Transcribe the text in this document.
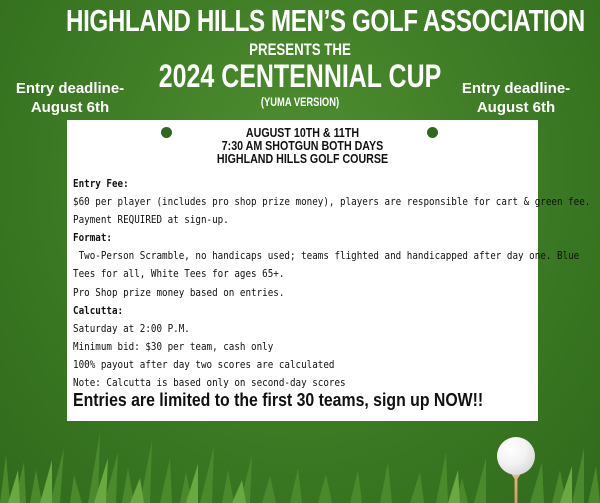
HIGHLAND HILLS MEN’S GOLF ASSOCIATION
PRESENTS THE
2024 CENTENNIAL CUP
(YUMA VERSION)
Entry deadline-
August 6th
Entry deadline-
August 6th
AUGUST 10TH & 11TH
7:30 AM SHOTGUN BOTH DAYS
HIGHLAND HILLS GOLF COURSE
Entry Fee:
$60 per player (includes pro shop prize money), players are responsible for cart & green fee.
Payment REQUIRED at sign-up.
Format:
Two-Person Scramble, no handicaps used; teams flighted and handicapped after day one. Blue
Tees for all, White Tees for ages 65+.
Pro Shop prize money based on entries.
Calcutta:
Saturday at 2:00 P.M.
Minimum bid: $30 per team, cash only
100% payout after day two scores are calculated
Note: Calcutta is based only on second-day scores
Entries are limited to the first 30 teams, sign up NOW!!
